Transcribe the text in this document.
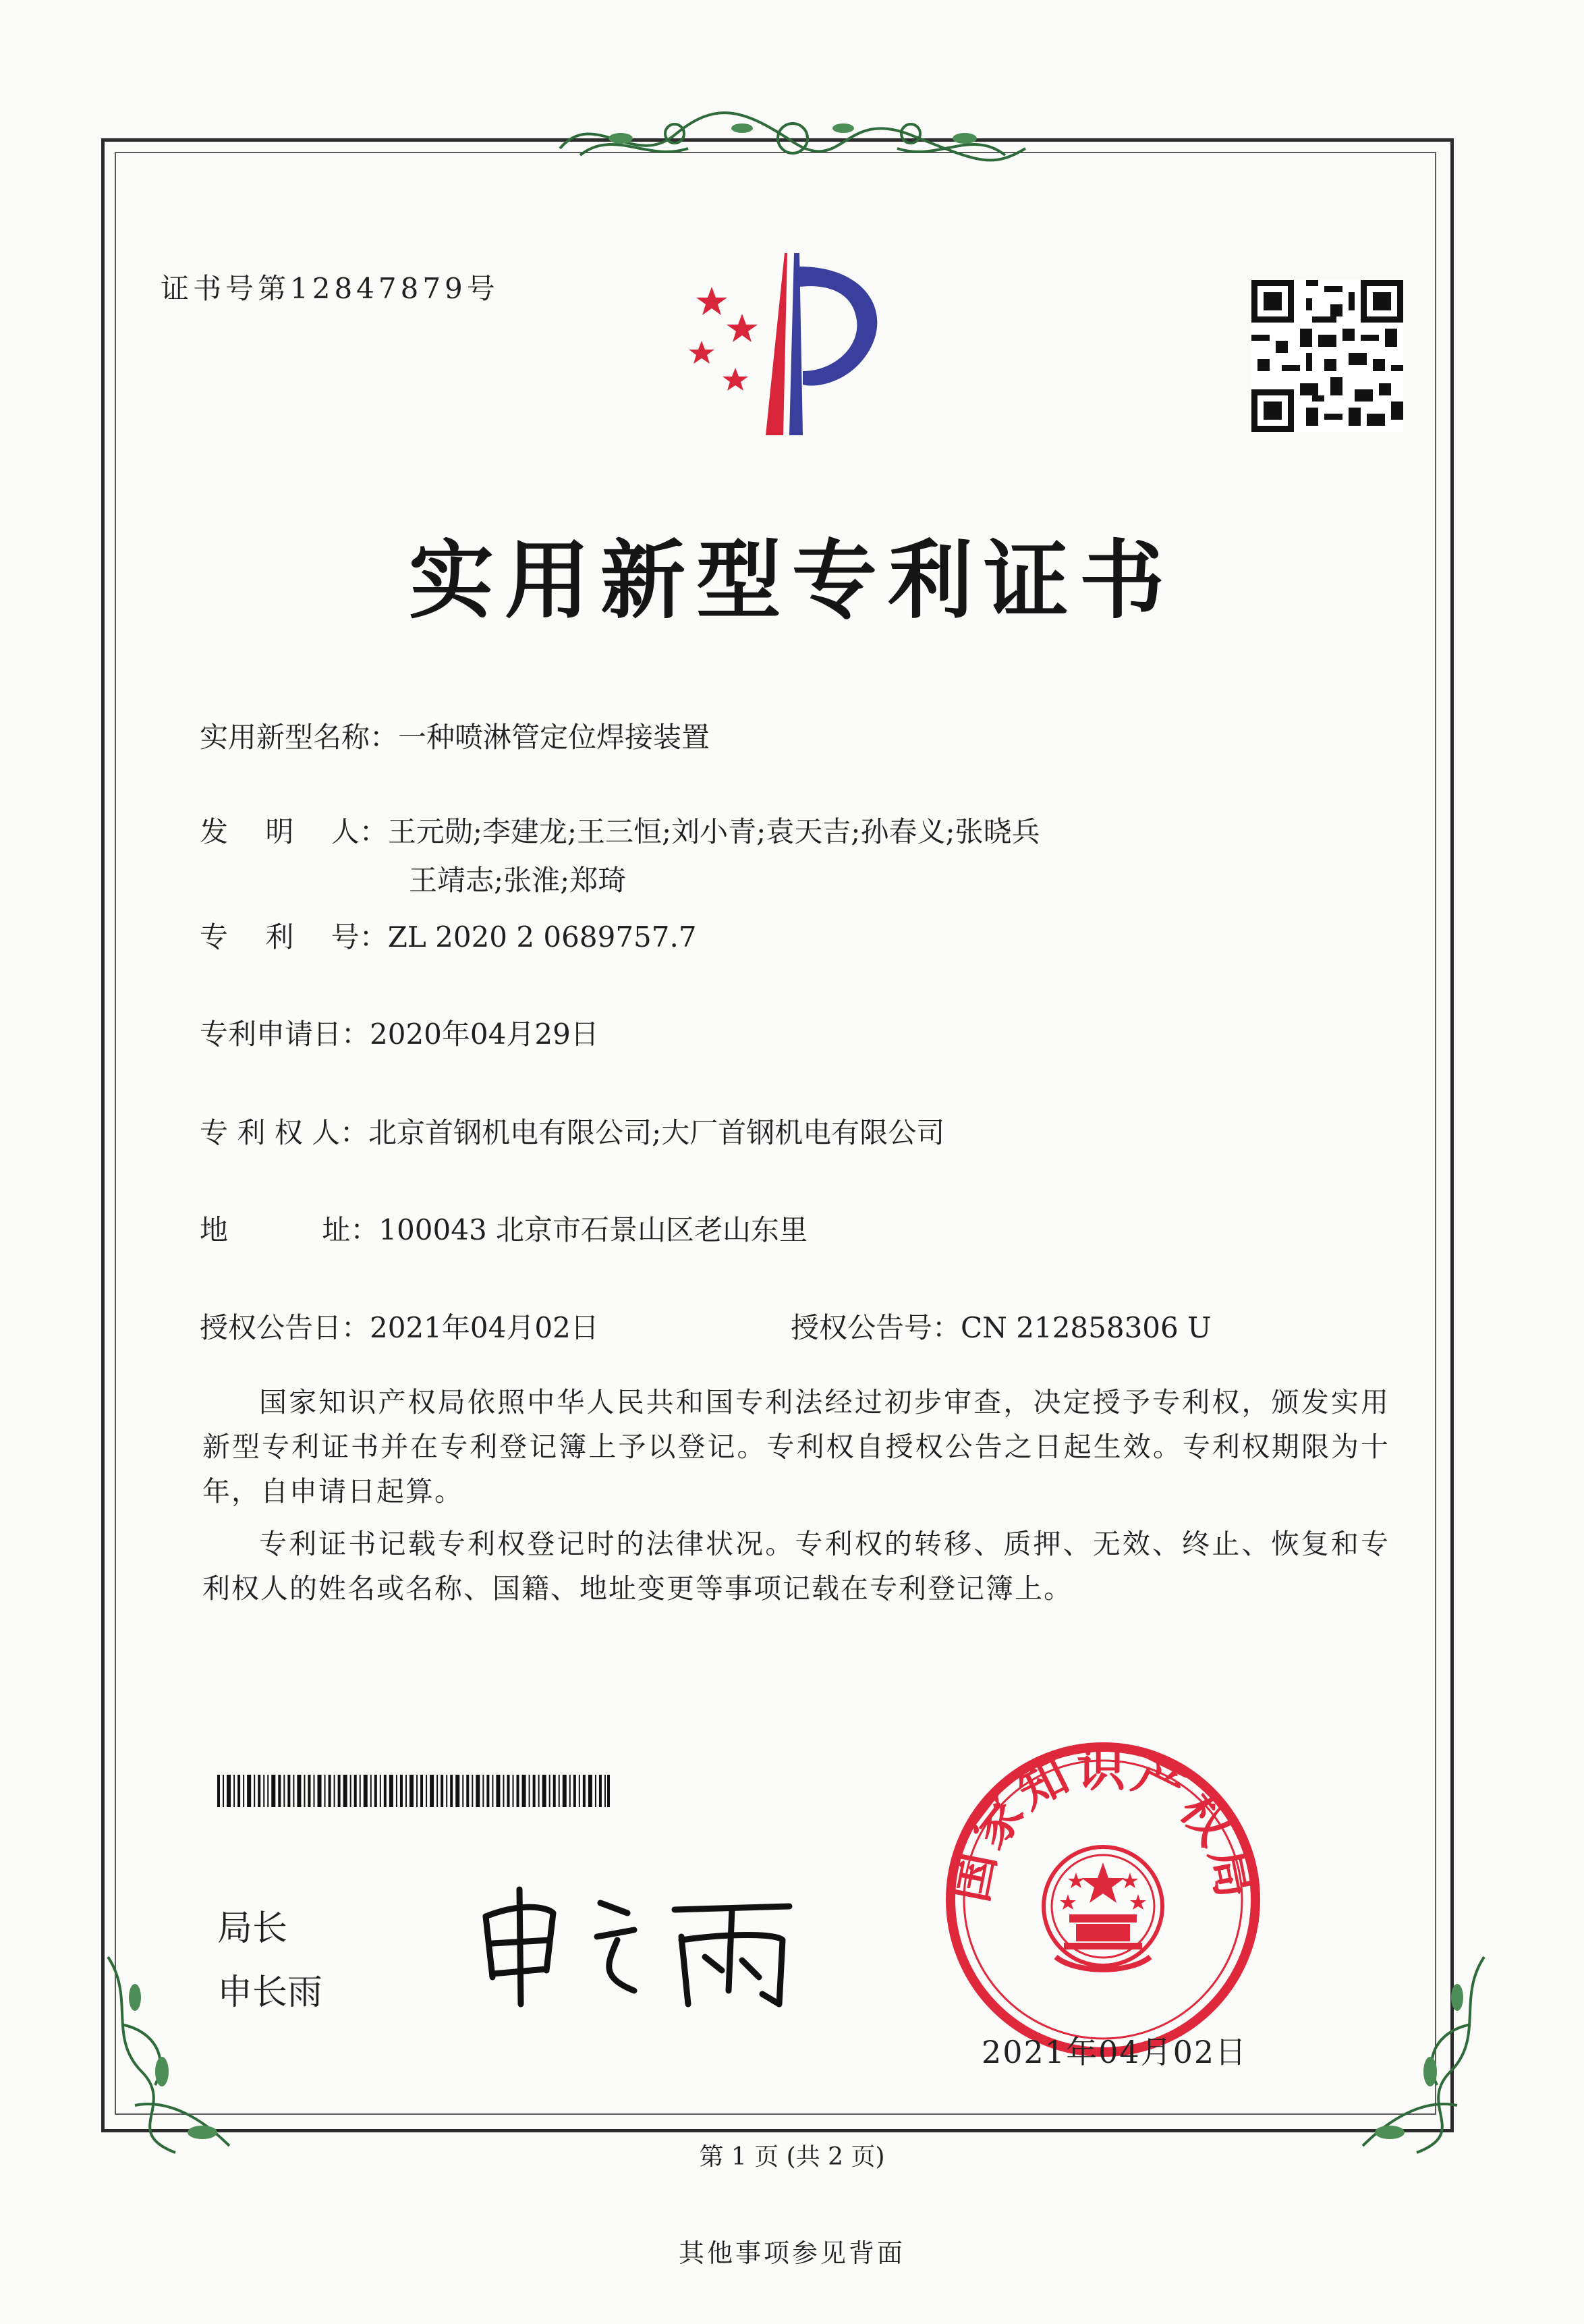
证书号第12847879号
实用新型专利证书
实用新型名称：一种喷淋管定位焊接装置
发　 明　 人：王元勋;李建龙;王三恒;刘小青;袁天吉;孙春义;张晓兵
王靖志;张淮;郑琦
专　 利　 号：ZL 2020 2 0689757.7
专利申请日：2020年04月29日
专 利 权 人：北京首钢机电有限公司;大厂首钢机电有限公司
地　　　 址：100043 北京市石景山区老山东里
授权公告日：2021年04月02日	授权公告号：CN 212858306 U
国家知识产权局依照中华人民共和国专利法经过初步审查，决定授予专利权，颁发实用新型专利证书并在专利登记簿上予以登记。专利权自授权公告之日起生效。专利权期限为十年，自申请日起算。
专利证书记载专利权登记时的法律状况。专利权的转移、质押、无效、终止、恢复和专利权人的姓名或名称、国籍、地址变更等事项记载在专利登记簿上。
局长
申长雨
国家知识产权局
2021年04月02日
第 1 页 (共 2 页)
其他事项参见背面
